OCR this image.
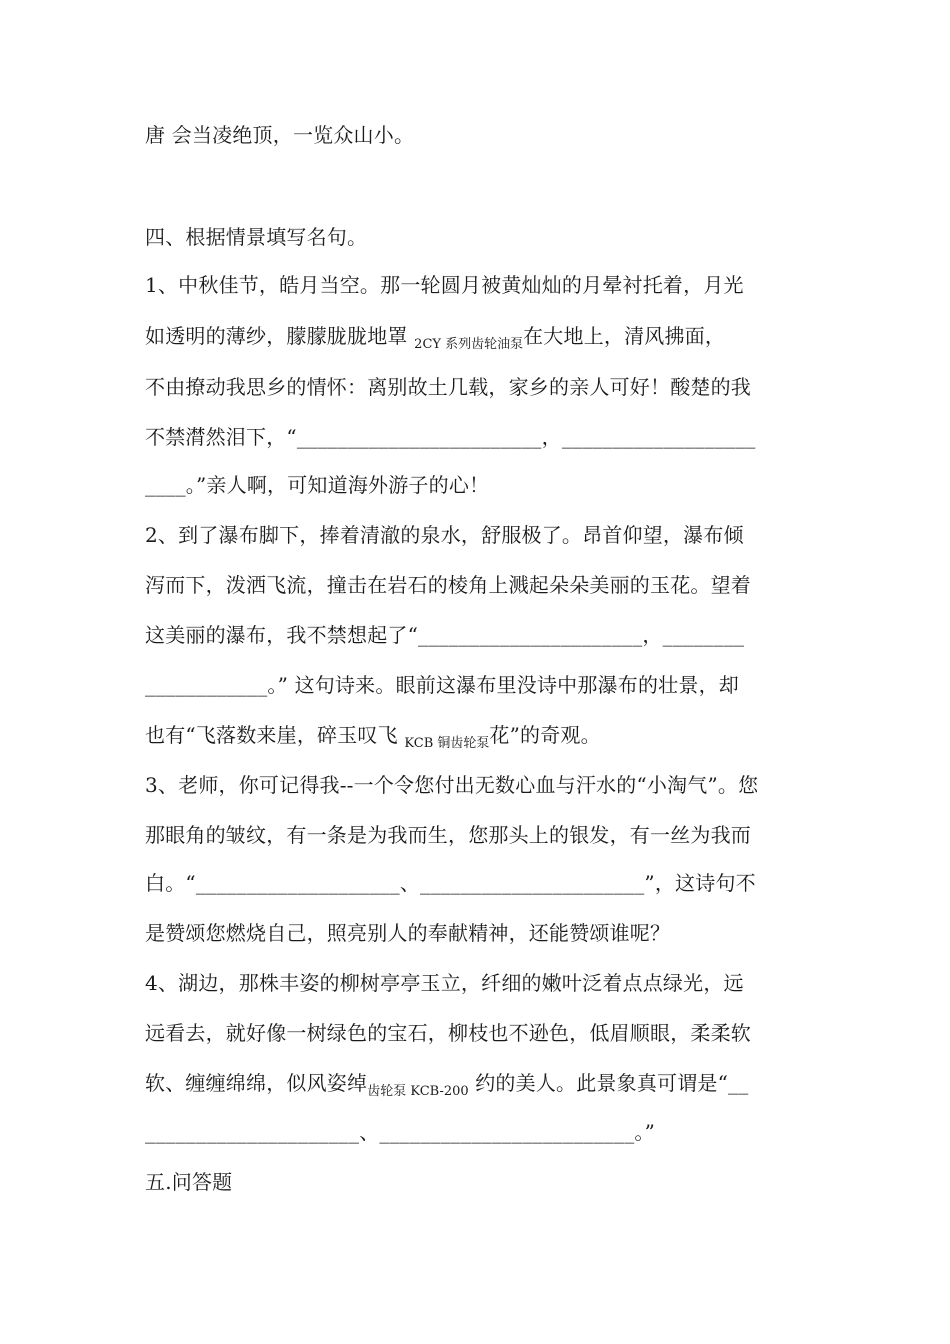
唐 会当凌绝顶，一览众山小。
四、根据情景填写名句。
1、中秋佳节，皓月当空。那一轮圆月被黄灿灿的月晕衬托着，月光
如透明的薄纱，朦朦胧胧地罩 $_{2CY 系列齿轮油泵}$在大地上，清风拂面，
不由撩动我思乡的情怀：离别故土几载，家乡的亲人可好！酸楚的我
不禁潸然泪下，“________________________，___________________
____。”亲人啊，可知道海外游子的心！
2、到了瀑布脚下，捧着清澈的泉水，舒服极了。昂首仰望，瀑布倾
泻而下，泼洒飞流，撞击在岩石的棱角上溅起朵朵美丽的玉花。望着
这美丽的瀑布，我不禁想起了“______________________，________
____________。” 这句诗来。眼前这瀑布里没诗中那瀑布的壮景，却
也有“飞落数来崖，碎玉叹飞 $_{KCB 铜齿轮泵}$花”的奇观。
3、老师，你可记得我--一个令您付出无数心血与汗水的“小淘气”。您
那眼角的皱纹，有一条是为我而生，您那头上的银发，有一丝为我而
白。“____________________、______________________”，这诗句不
是赞颂您燃烧自己，照亮别人的奉献精神，还能赞颂谁呢？
4、湖边，那株丰姿的柳树亭亭玉立，纤细的嫩叶泛着点点绿光，远
远看去，就好像一树绿色的宝石，柳枝也不逊色，低眉顺眼，柔柔软
软、缠缠绵绵，似风姿绰$_{齿轮泵 KCB-200}$ 约的美人。此景象真可谓是“__
_____________________、_________________________。”
五.问答题
